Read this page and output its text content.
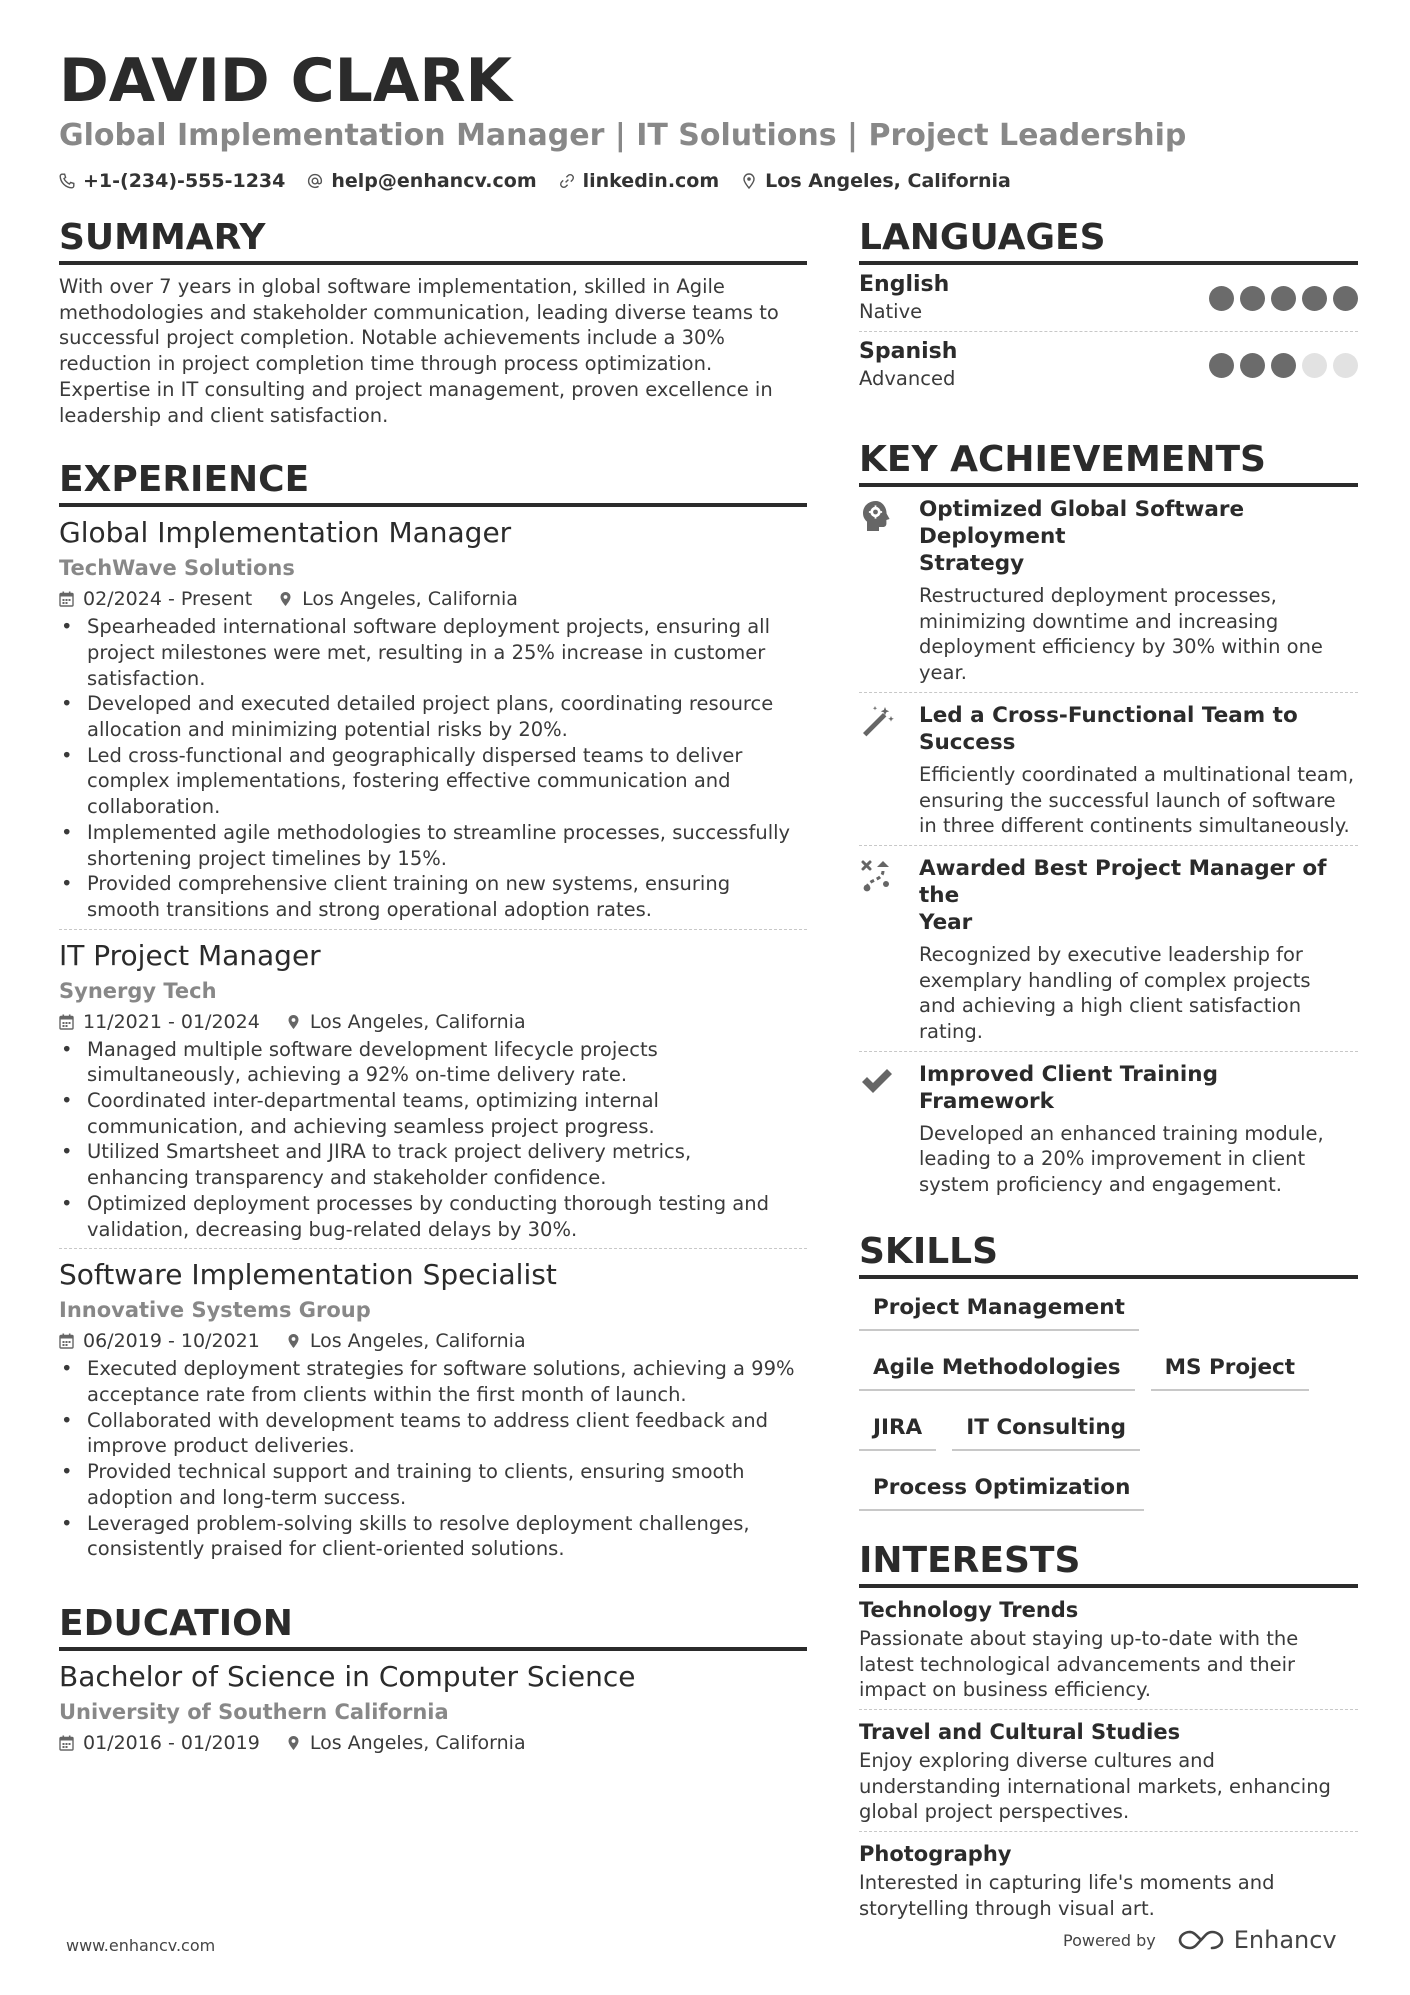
DAVID CLARK
Global Implementation Manager | IT Solutions | Project Leadership
+1-(234)-555-1234 help@enhancv.com linkedin.com Los Angeles, California
SUMMARY
With over 7 years in global software implementation, skilled in Agile
methodologies and stakeholder communication, leading diverse teams to
successful project completion. Notable achievements include a 30%
reduction in project completion time through process optimization.
Expertise in IT consulting and project management, proven excellence in
leadership and client satisfaction.
EXPERIENCE
Global Implementation Manager
TechWave Solutions
02/2024 - Present	Los Angeles, California
• Spearheaded international software deployment projects, ensuring all
project milestones were met, resulting in a 25% increase in customer
satisfaction.
• Developed and executed detailed project plans, coordinating resource
allocation and minimizing potential risks by 20%.
• Led cross-functional and geographically dispersed teams to deliver
complex implementations, fostering effective communication and
collaboration.
• Implemented agile methodologies to streamline processes, successfully
shortening project timelines by 15%.
• Provided comprehensive client training on new systems, ensuring
smooth transitions and strong operational adoption rates.
IT Project Manager
Synergy Tech
11/2021 - 01/2024	Los Angeles, California
• Managed multiple software development lifecycle projects
simultaneously, achieving a 92% on-time delivery rate.
• Coordinated inter-departmental teams, optimizing internal
communication, and achieving seamless project progress.
• Utilized Smartsheet and JIRA to track project delivery metrics,
enhancing transparency and stakeholder confidence.
• Optimized deployment processes by conducting thorough testing and
validation, decreasing bug-related delays by 30%.
Software Implementation Specialist
Innovative Systems Group
06/2019 - 10/2021	Los Angeles, California
• Executed deployment strategies for software solutions, achieving a 99%
acceptance rate from clients within the first month of launch.
• Collaborated with development teams to address client feedback and
improve product deliveries.
• Provided technical support and training to clients, ensuring smooth
adoption and long-term success.
• Leveraged problem-solving skills to resolve deployment challenges,
consistently praised for client-oriented solutions.
EDUCATION
Bachelor of Science in Computer Science
University of Southern California
01/2016 - 01/2019	Los Angeles, California
LANGUAGES
English
Native
Spanish
Advanced
KEY ACHIEVEMENTS
Optimized Global Software Deployment
Strategy
Restructured deployment processes,
minimizing downtime and increasing
deployment efficiency by 30% within one
year.
Led a Cross-Functional Team to
Success
Efficiently coordinated a multinational team,
ensuring the successful launch of software
in three different continents simultaneously.
Awarded Best Project Manager of the
Year
Recognized by executive leadership for
exemplary handling of complex projects
and achieving a high client satisfaction
rating.
Improved Client Training Framework
Developed an enhanced training module,
leading to a 20% improvement in client
system proficiency and engagement.
SKILLS
Project Management
Agile Methodologies	MS Project
JIRA	IT Consulting
Process Optimization
INTERESTS
Technology Trends
Passionate about staying up-to-date with the
latest technological advancements and their
impact on business efficiency.
Travel and Cultural Studies
Enjoy exploring diverse cultures and
understanding international markets, enhancing
global project perspectives.
Photography
Interested in capturing life's moments and
storytelling through visual art.
www.enhancv.com	Powered by	Enhancv
